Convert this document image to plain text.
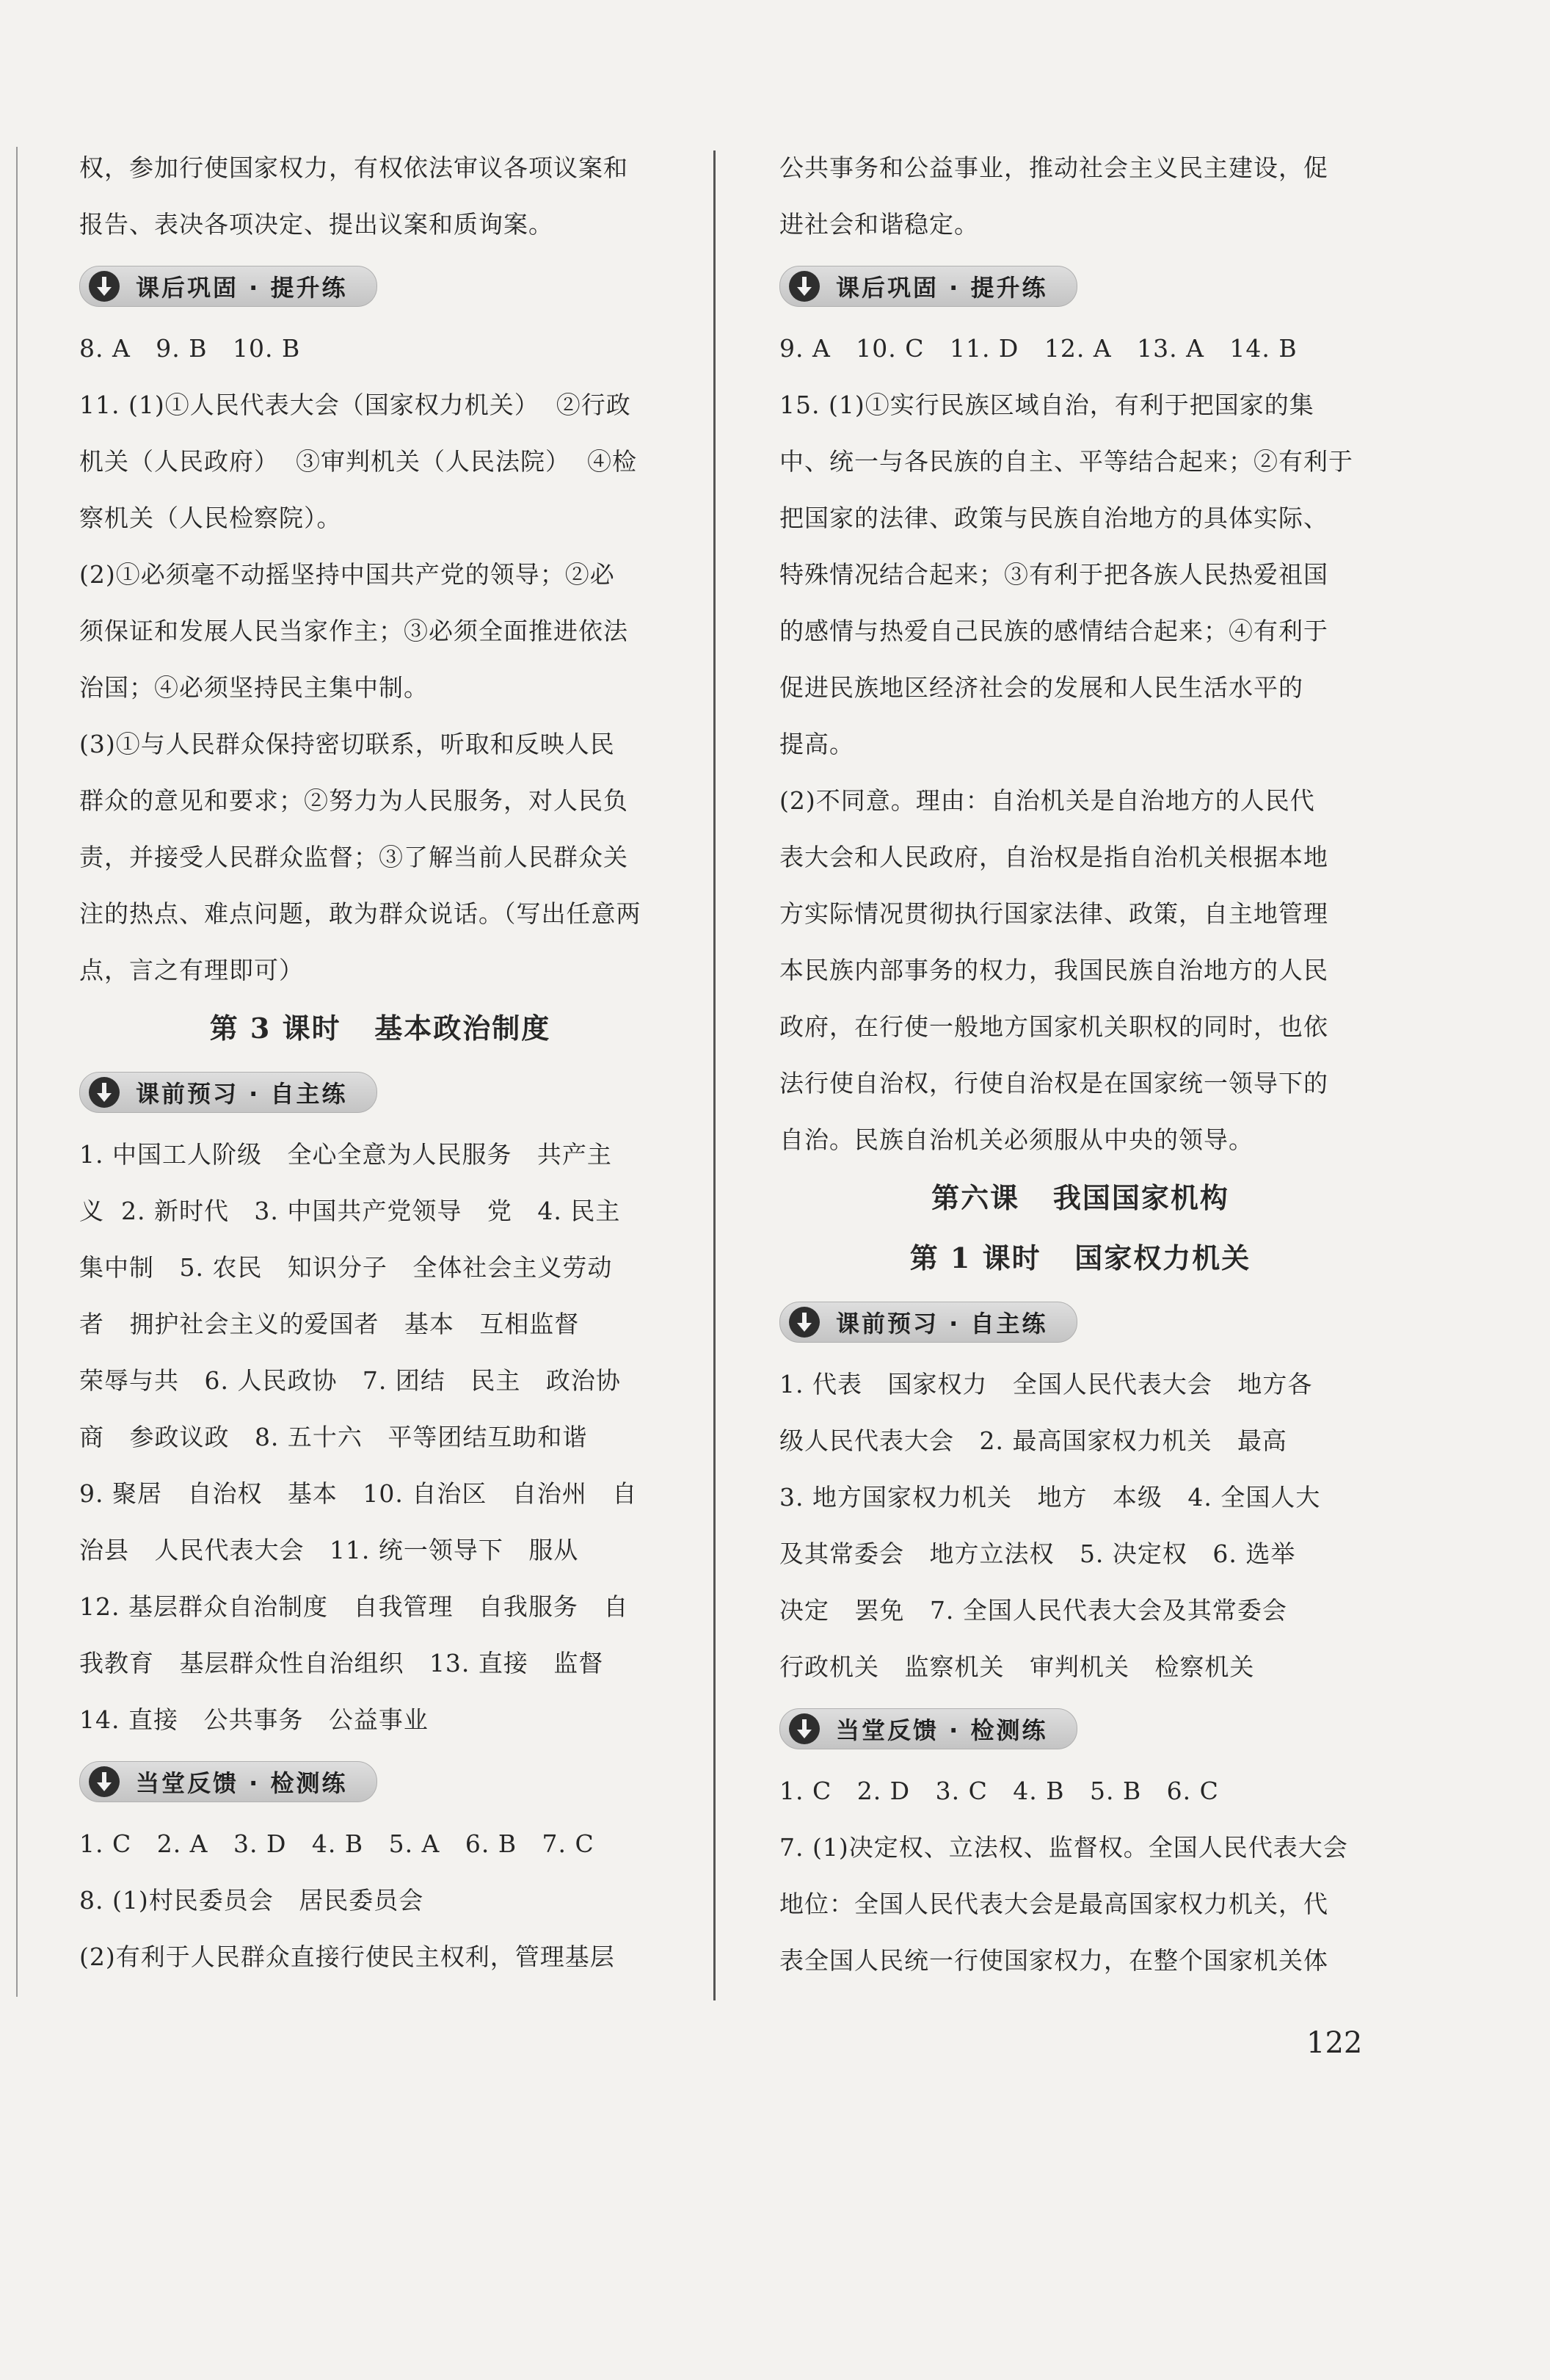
权，参加行使国家权力，有权依法审议各项议案和
报告、表决各项决定、提出议案和质询案。
课后巩固 · 提升练
8. A   9. B   10. B
11. (1)①人民代表大会（国家权力机关）  ②行政
机关（人民政府）  ③审判机关（人民法院）  ④检
察机关（人民检察院）。
(2)①必须毫不动摇坚持中国共产党的领导；②必
须保证和发展人民当家作主；③必须全面推进依法
治国；④必须坚持民主集中制。
(3)①与人民群众保持密切联系，听取和反映人民
群众的意见和要求；②努力为人民服务，对人民负
责，并接受人民群众监督；③了解当前人民群众关
注的热点、难点问题，敢为群众说话。（写出任意两
点，言之有理即可）
第 3 课时   基本政治制度
课前预习 · 自主练
1. 中国工人阶级   全心全意为人民服务   共产主
义  2. 新时代   3. 中国共产党领导   党   4. 民主
集中制   5. 农民   知识分子   全体社会主义劳动
者   拥护社会主义的爱国者   基本   互相监督
荣辱与共   6. 人民政协   7. 团结   民主   政治协
商   参政议政   8. 五十六   平等团结互助和谐
9. 聚居   自治权   基本   10. 自治区   自治州   自
治县   人民代表大会   11. 统一领导下   服从
12. 基层群众自治制度   自我管理   自我服务   自
我教育   基层群众性自治组织   13. 直接   监督
14. 直接   公共事务   公益事业
当堂反馈 · 检测练
1. C   2. A   3. D   4. B   5. A   6. B   7. C
8. (1)村民委员会   居民委员会
(2)有利于人民群众直接行使民主权利，管理基层
公共事务和公益事业，推动社会主义民主建设，促
进社会和谐稳定。
课后巩固 · 提升练
9. A   10. C   11. D   12. A   13. A   14. B
15. (1)①实行民族区域自治，有利于把国家的集
中、统一与各民族的自主、平等结合起来；②有利于
把国家的法律、政策与民族自治地方的具体实际、
特殊情况结合起来；③有利于把各族人民热爱祖国
的感情与热爱自己民族的感情结合起来；④有利于
促进民族地区经济社会的发展和人民生活水平的
提高。
(2)不同意。理由：自治机关是自治地方的人民代
表大会和人民政府，自治权是指自治机关根据本地
方实际情况贯彻执行国家法律、政策，自主地管理
本民族内部事务的权力，我国民族自治地方的人民
政府，在行使一般地方国家机关职权的同时，也依
法行使自治权，行使自治权是在国家统一领导下的
自治。民族自治机关必须服从中央的领导。
第六课   我国国家机构
第 1 课时   国家权力机关
课前预习 · 自主练
1. 代表   国家权力   全国人民代表大会   地方各
级人民代表大会   2. 最高国家权力机关   最高
3. 地方国家权力机关   地方   本级   4. 全国人大
及其常委会   地方立法权   5. 决定权   6. 选举
决定   罢免   7. 全国人民代表大会及其常委会
行政机关   监察机关   审判机关   检察机关
当堂反馈 · 检测练
1. C   2. D   3. C   4. B   5. B   6. C
7. (1)决定权、立法权、监督权。全国人民代表大会
地位：全国人民代表大会是最高国家权力机关，代
表全国人民统一行使国家权力，在整个国家机关体
122
